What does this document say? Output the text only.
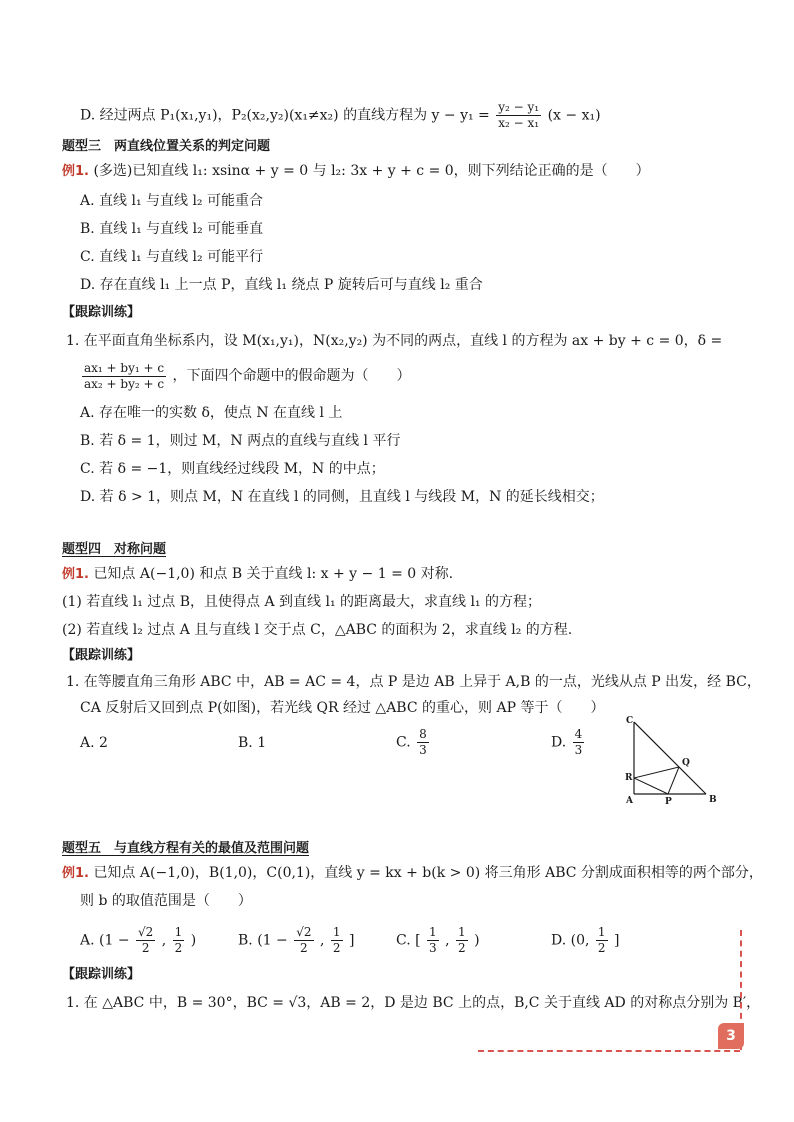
D. 经过两点 P₁(x₁,y₁)，P₂(x₂,y₂)(x₁≠x₂) 的直线方程为 $y - y_1 = \frac{\text{y₂ − y₁}}{\text{x₂ − x₁}} (x - x_1)$
题型三　两直线位置关系的判定问题
例1. (多选)已知直线 l₁: xsinα + y = 0 与 l₂: 3x + y + c = 0，则下列结论正确的是（　　）
A. 直线 l₁ 与直线 l₂ 可能重合
B. 直线 l₁ 与直线 l₂ 可能垂直
C. 直线 l₁ 与直线 l₂ 可能平行
D. 存在直线 l₁ 上一点 P，直线 l₁ 绕点 P 旋转后可与直线 l₂ 重合
【跟踪训练】
1. 在平面直角坐标系内，设 M(x₁,y₁)，N(x₂,y₂) 为不同的两点，直线 l 的方程为 ax + by + c = 0，δ =
$\frac{\text{ax₁ + by₁ + c}}{\text{ax₂ + by₂ + c}}$ ，下面四个命题中的假命题为（　　）
A. 存在唯一的实数 δ，使点 N 在直线 l 上
B. 若 δ = 1，则过 M，N 两点的直线与直线 l 平行
C. 若 δ = −1，则直线经过线段 M，N 的中点；
D. 若 δ > 1，则点 M，N 在直线 l 的同侧，且直线 l 与线段 M，N 的延长线相交；
题型四　对称问题
例1. 已知点 A(−1,0) 和点 B 关于直线 l: x + y − 1 = 0 对称.
(1) 若直线 l₁ 过点 B，且使得点 A 到直线 l₁ 的距离最大，求直线 l₁ 的方程；
(2) 若直线 l₂ 过点 A 且与直线 l 交于点 C，△ABC 的面积为 2，求直线 l₂ 的方程.
【跟踪训练】
1. 在等腰直角三角形 ABC 中，AB = AC = 4，点 P 是边 AB 上异于 A,B 的一点，光线从点 P 出发，经 BC，
CA 反射后又回到点 P(如图)，若光线 QR 经过 △ABC 的重心，则 AP 等于（　　）
A. 2	B. 1	C. $\frac{8}{3}$	D. $\frac{4}{3}$
C
Q
R
A	P	B
题型五　与直线方程有关的最值及范围问题
例1. 已知点 A(−1,0)，B(1,0)，C(0,1)，直线 y = kx + b(k > 0) 将三角形 ABC 分割成面积相等的两个部分，
则 b 的取值范围是（　　）
A. ($1 - \frac{√2}{2}$ , $\frac{1}{2}$ )	B. ($1 - \frac{√2}{2}$ , $\frac{1}{2}$ ]	C. [ $\frac{1}{3}$ , $\frac{1}{2}$ )	D. (0, $\frac{1}{2}$ ]
【跟踪训练】
1. 在 △ABC 中，B = 30°，BC = √3，AB = 2，D 是边 BC 上的点，B,C 关于直线 AD 的对称点分别为 B′，
3
